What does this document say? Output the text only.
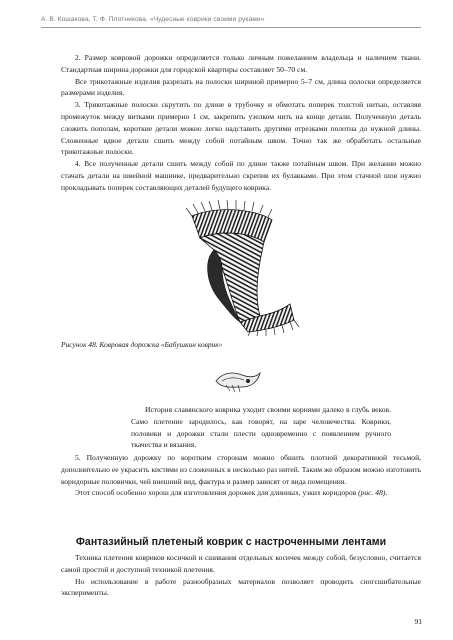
А. В. Кошакова, Т. Ф. Плотникова. «Чудесные коврики своими руками»

2. Размер ковровой дорожки определяется только личным пожеланием владельца и наличием ткани. Стандартная ширина дорожки для городской квартиры составляет 50–70 см.

Все трикотажные изделия разрезать на полоски шириной примерно 5–7 см, длина полоски определяется размерами изделия.

3. Трикотажные полоски скрутить по длине в трубочку и обмотать поперек толстой нитью, оставляя промежуток между витками примерно 1 см, закрепить узелком нить на конце детали. Полученную деталь сложить пополам, короткие детали можно легко надставить другими отрезками полотна до нужной длины. Сложенные вдвое детали сшить между собой потайным швом. Точно так же обработать остальные трикотажные полоски.

4. Все полученные детали сшить между собой по длине также потайным швом. При желании можно стачать детали на швейной машинке, предварительно скрепив их булавками. При этом стачной шов нужно прокладывать поперек составляющих деталей будущего коврика.

Рисунок 48. Ковровая дорожка «Бабушкин коврик»

История славянского коврика уходит своими корнями далеко в глубь веков. Само плетение зародилось, как говорят, на заре человечества. Коврики, половики и дорожки стали плести одновременно с появлением ручного ткачества и вязания.

5. Полученную дорожку по коротким сторонам можно обшить плотной декоративной тесьмой, дополнительно ее украсить кистями из сложенных в несколько раз нитей. Таким же образом можно изготовить коридорные половички, чей внешний вид, фактура и размер зависят от вида помещения.

Этот способ особенно хорош для изготовления дорожек для длинных, узких коридоров (рис. 48).

Фантазийный плетеный коврик с настроченными лентами

Техника плетения ковриков косичкой и сшивания отдельных косичек между собой, безусловно, считается самой простой и доступной техникой плетения.

Но использование в работе разнообразных материалов позволяет проводить сногсшибательные эксперименты.

91
